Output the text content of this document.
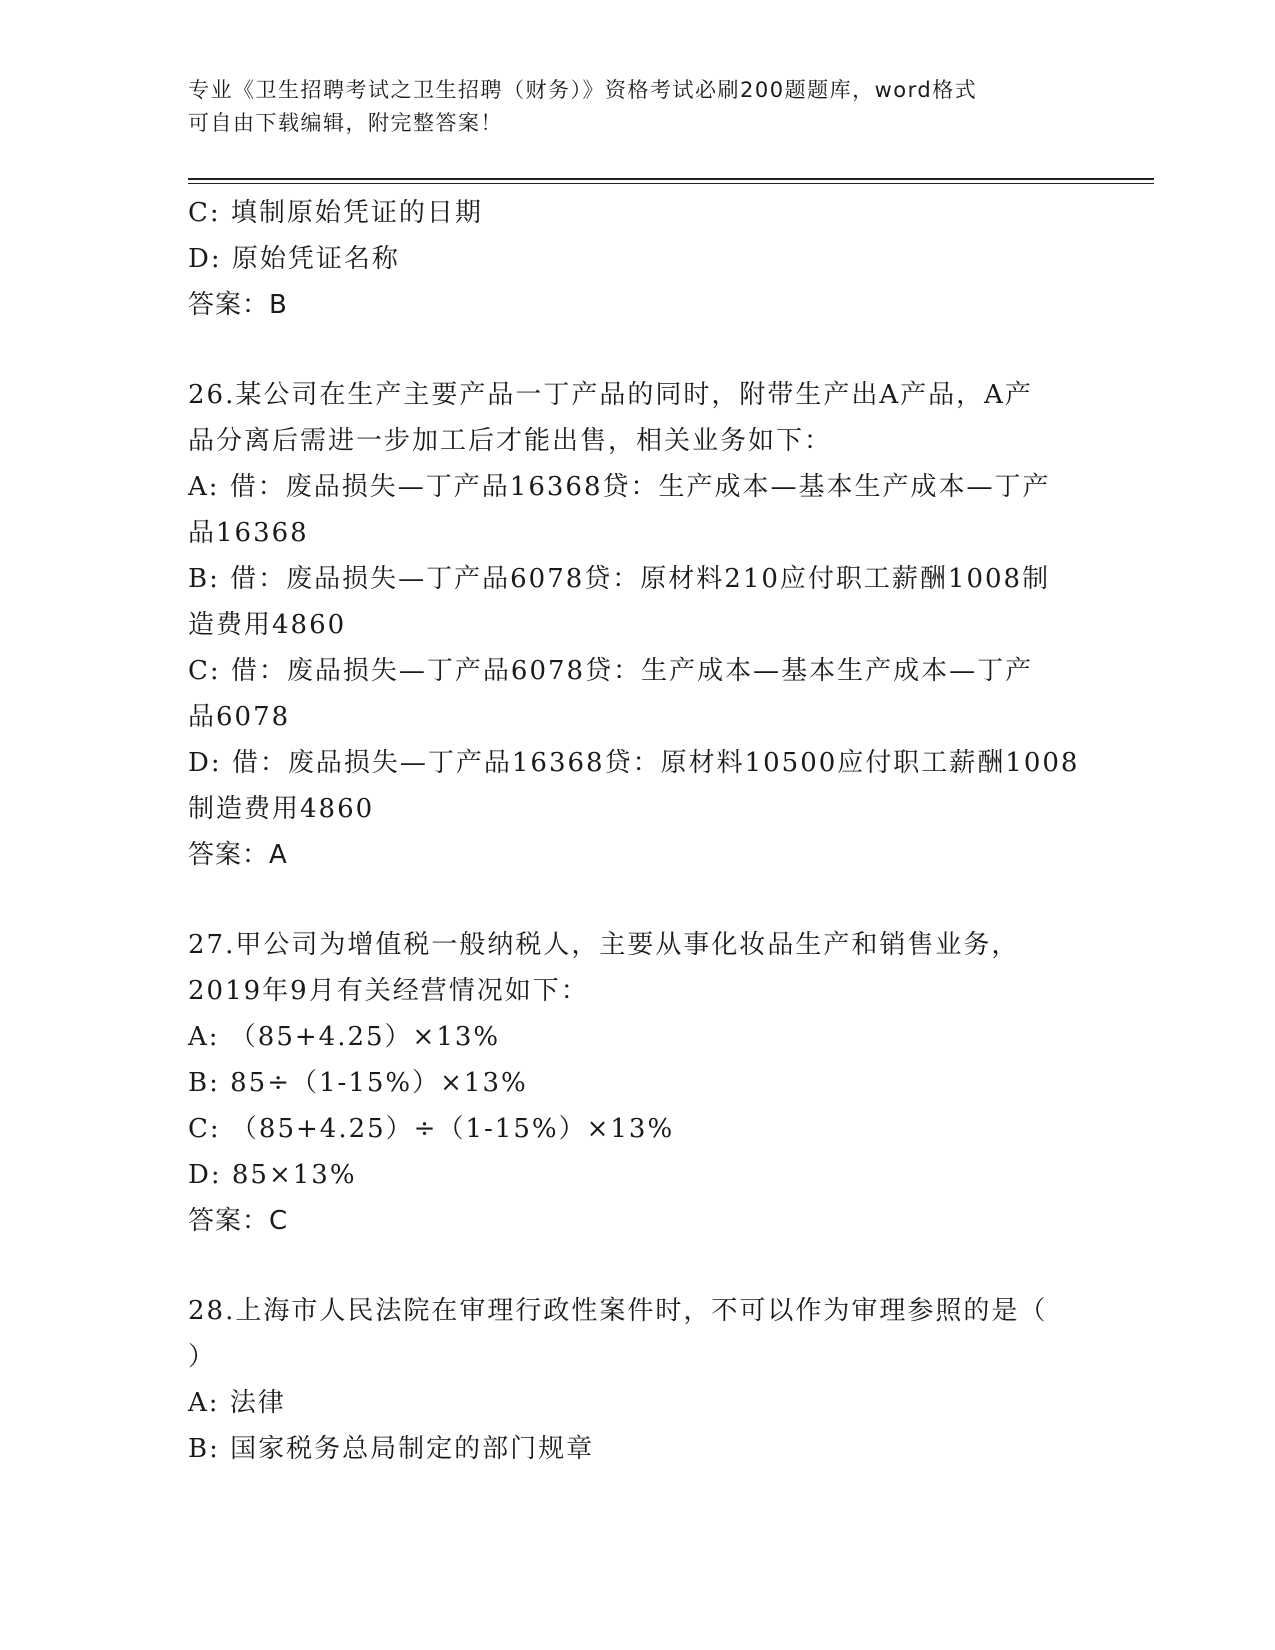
专业《卫生招聘考试之卫生招聘（财务）》资格考试必刷200题题库，word格式
可自由下载编辑，附完整答案！
C: 填制原始凭证的日期
D: 原始凭证名称
答案：B
26.某公司在生产主要产品一丁产品的同时，附带生产出A产品，A产
品分离后需进一步加工后才能出售，相关业务如下：
A: 借：废品损失—丁产品16368贷：生产成本—基本生产成本—丁产
品16368
B: 借：废品损失—丁产品6078贷：原材料210应付职工薪酬1008制
造费用4860
C: 借：废品损失—丁产品6078贷：生产成本—基本生产成本—丁产
品6078
D: 借：废品损失—丁产品16368贷：原材料10500应付职工薪酬1008
制造费用4860
答案：A
27.甲公司为增值税一般纳税人，主要从事化妆品生产和销售业务，
2019年9月有关经营情况如下：
A: （85+4.25）×13%
B: 85÷（1-15%）×13%
C: （85+4.25）÷（1-15%）×13%
D: 85×13%
答案：C
28.上海市人民法院在审理行政性案件时，不可以作为审理参照的是（
）
A: 法律
B: 国家税务总局制定的部门规章
